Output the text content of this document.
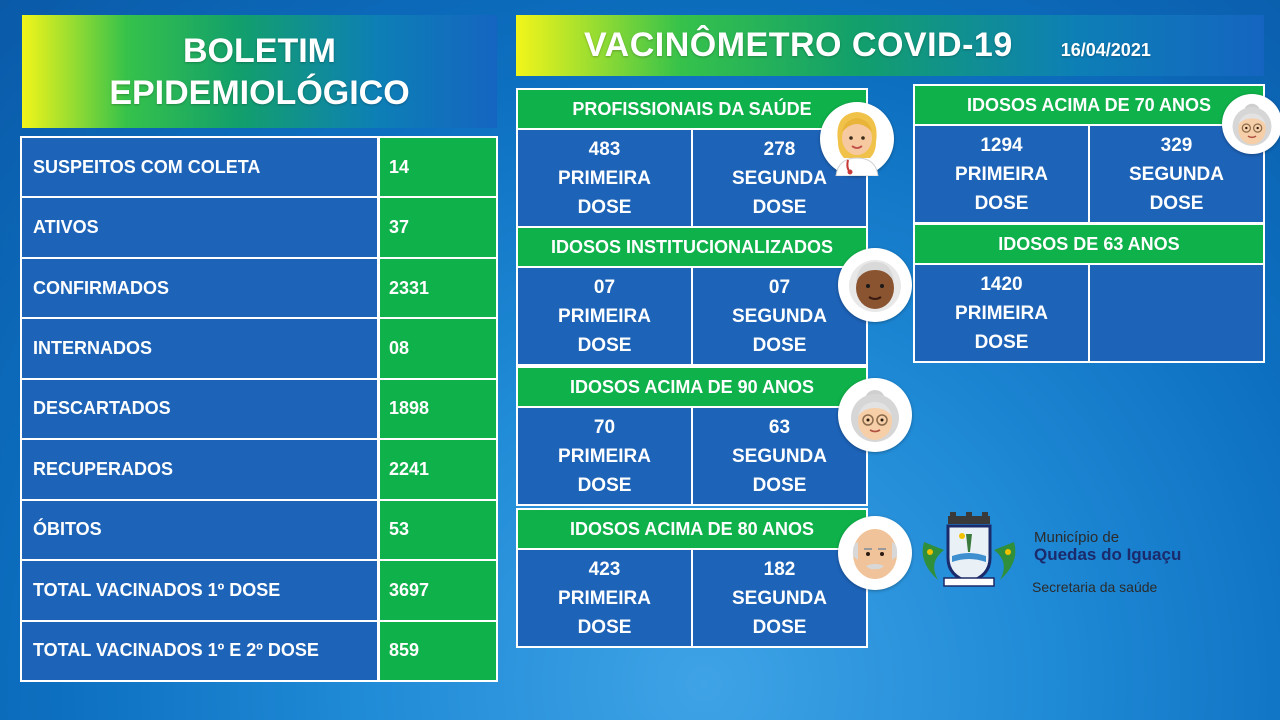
BOLETIM
EPIDEMIOLÓGICO
VACINÔMETRO COVID-19	16/04/2021
SUSPEITOS COM COLETA	14
ATIVOS	37
CONFIRMADOS	2331
INTERNADOS	08
DESCARTADOS	1898
RECUPERADOS	2241
ÓBITOS	53
TOTAL VACINADOS 1º DOSE	3697
TOTAL VACINADOS 1º E 2º DOSE	859
PROFISSIONAIS DA SAÚDE
483
PRIMEIRA
DOSE
278
SEGUNDA
DOSE
IDOSOS INSTITUCIONALIZADOS
07
PRIMEIRA
DOSE
07
SEGUNDA
DOSE
IDOSOS ACIMA DE 90 ANOS
70
PRIMEIRA
DOSE
63
SEGUNDA
DOSE
IDOSOS ACIMA DE 80 ANOS
423
PRIMEIRA
DOSE
182
SEGUNDA
DOSE
IDOSOS ACIMA DE 70 ANOS
1294
PRIMEIRA
DOSE
329
SEGUNDA
DOSE
IDOSOS DE 63 ANOS
1420
PRIMEIRA
DOSE
Município de
Quedas do Iguaçu
Secretaria da saúde
